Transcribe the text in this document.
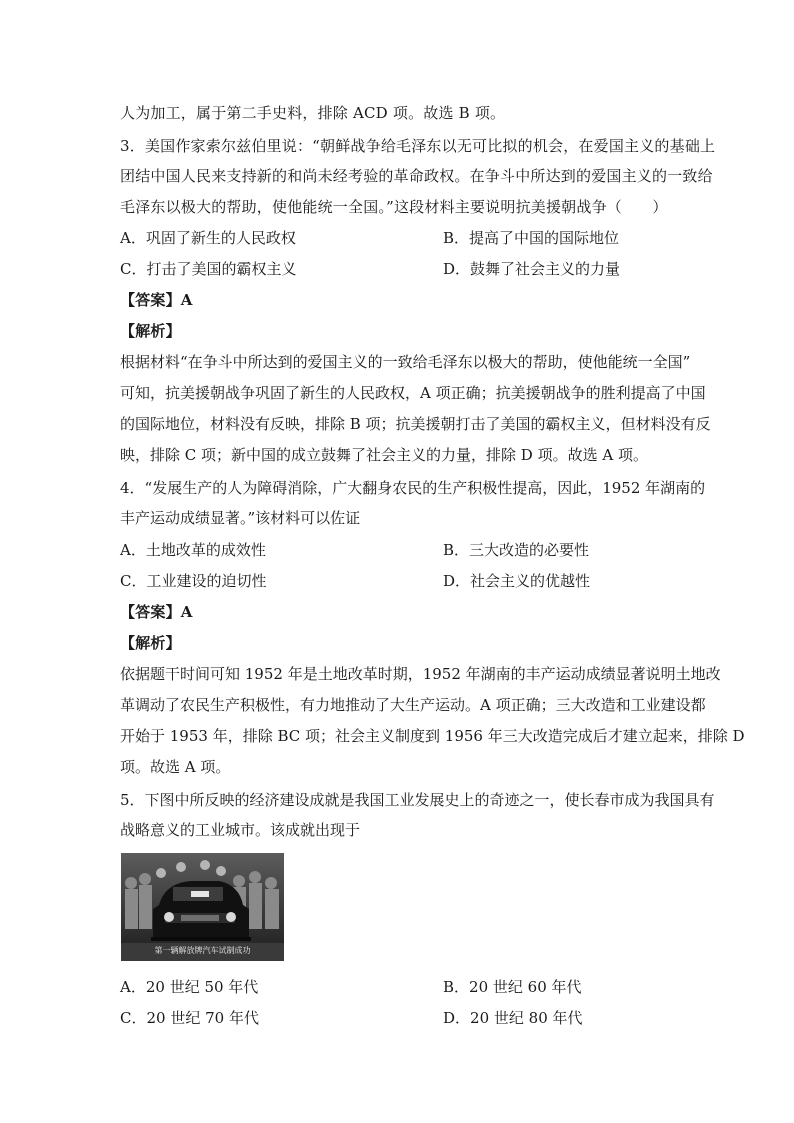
人为加工，属于第二手史料，排除 ACD 项。故选 B 项。
3．美国作家索尔兹伯里说：“朝鲜战争给毛泽东以无可比拟的机会，在爱国主义的基础上
团结中国人民来支持新的和尚未经考验的革命政权。在争斗中所达到的爱国主义的一致给
毛泽东以极大的帮助，使他能统一全国。”这段材料主要说明抗美援朝战争（　　）
A．巩固了新生的人民政权	B．提高了中国的国际地位
C．打击了美国的霸权主义	D．鼓舞了社会主义的力量
【答案】A
【解析】
根据材料“在争斗中所达到的爱国主义的一致给毛泽东以极大的帮助，使他能统一全国”
可知，抗美援朝战争巩固了新生的人民政权，A 项正确；抗美援朝战争的胜利提高了中国
的国际地位，材料没有反映，排除 B 项；抗美援朝打击了美国的霸权主义，但材料没有反
映，排除 C 项；新中国的成立鼓舞了社会主义的力量，排除 D 项。故选 A 项。
4．“发展生产的人为障碍消除，广大翻身农民的生产积极性提高，因此，1952 年湖南的
丰产运动成绩显著。”该材料可以佐证
A．土地改革的成效性	B．三大改造的必要性
C．工业建设的迫切性	D．社会主义的优越性
【答案】A
【解析】
依据题干时间可知 1952 年是土地改革时期，1952 年湖南的丰产运动成绩显著说明土地改
革调动了农民生产积极性，有力地推动了大生产运动。A 项正确；三大改造和工业建设都
开始于 1953 年，排除 BC 项；社会主义制度到 1956 年三大改造完成后才建立起来，排除 D
项。故选 A 项。
5．下图中所反映的经济建设成就是我国工业发展史上的奇迹之一，使长春市成为我国具有
战略意义的工业城市。该成就出现于
第一辆解放牌汽车试制成功
A．20 世纪 50 年代	B．20 世纪 60 年代
C．20 世纪 70 年代	D．20 世纪 80 年代
